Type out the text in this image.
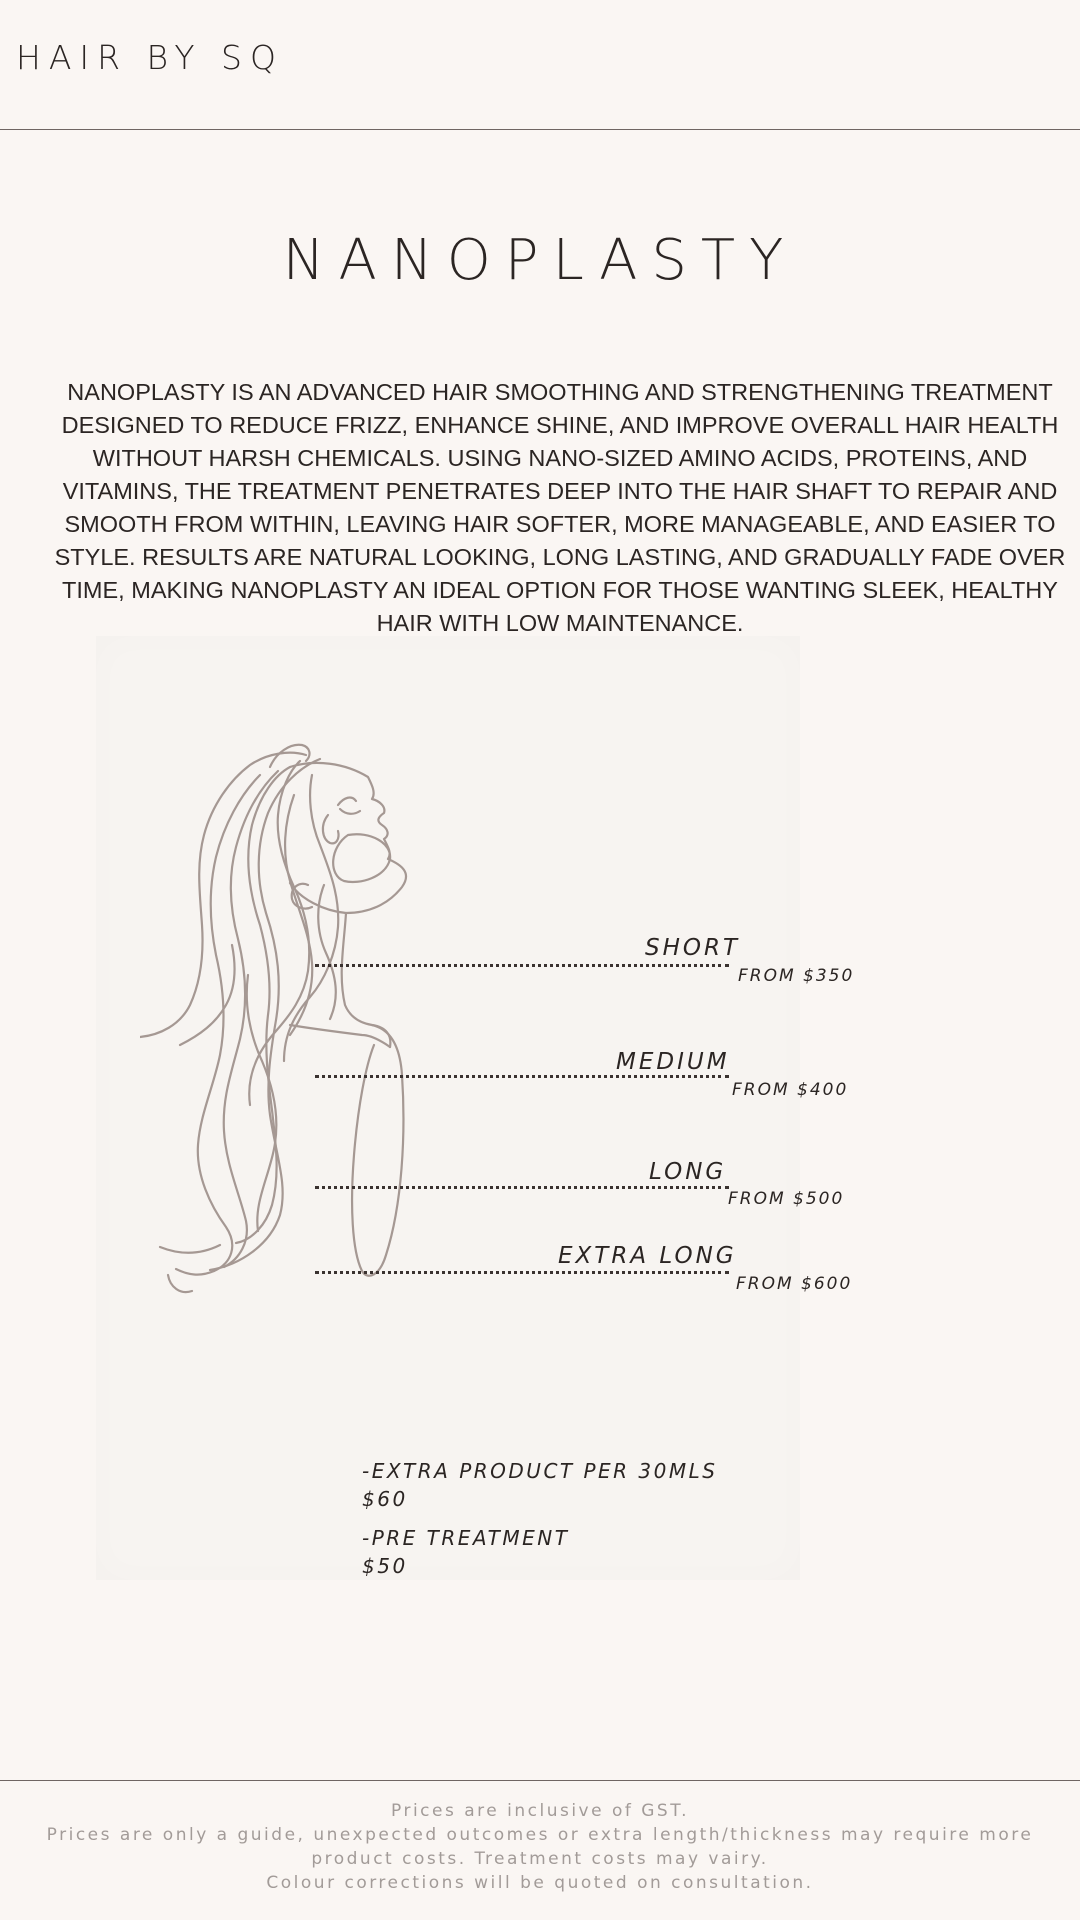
HAIR BY SQ
NANOPLASTY
NANOPLASTY IS AN ADVANCED HAIR SMOOTHING AND STRENGTHENING TREATMENT DESIGNED TO REDUCE FRIZZ, ENHANCE SHINE, AND IMPROVE OVERALL HAIR HEALTH WITHOUT HARSH CHEMICALS. USING NANO-SIZED AMINO ACIDS, PROTEINS, AND VITAMINS, THE TREATMENT PENETRATES DEEP INTO THE HAIR SHAFT TO REPAIR AND SMOOTH FROM WITHIN, LEAVING HAIR SOFTER, MORE MANAGEABLE, AND EASIER TO STYLE. RESULTS ARE NATURAL LOOKING, LONG LASTING, AND GRADUALLY FADE OVER TIME, MAKING NANOPLASTY AN IDEAL OPTION FOR THOSE WANTING SLEEK, HEALTHY HAIR WITH LOW MAINTENANCE.
SHORT
FROM $350
MEDIUM
FROM $400
LONG
FROM $500
EXTRA LONG
FROM $600
-EXTRA PRODUCT PER 30MLS
$60
-PRE TREATMENT
$50
Prices are inclusive of GST.
Prices are only a guide, unexpected outcomes or extra length/thickness may require more
product costs. Treatment costs may vairy.
Colour corrections will be quoted on consultation.
